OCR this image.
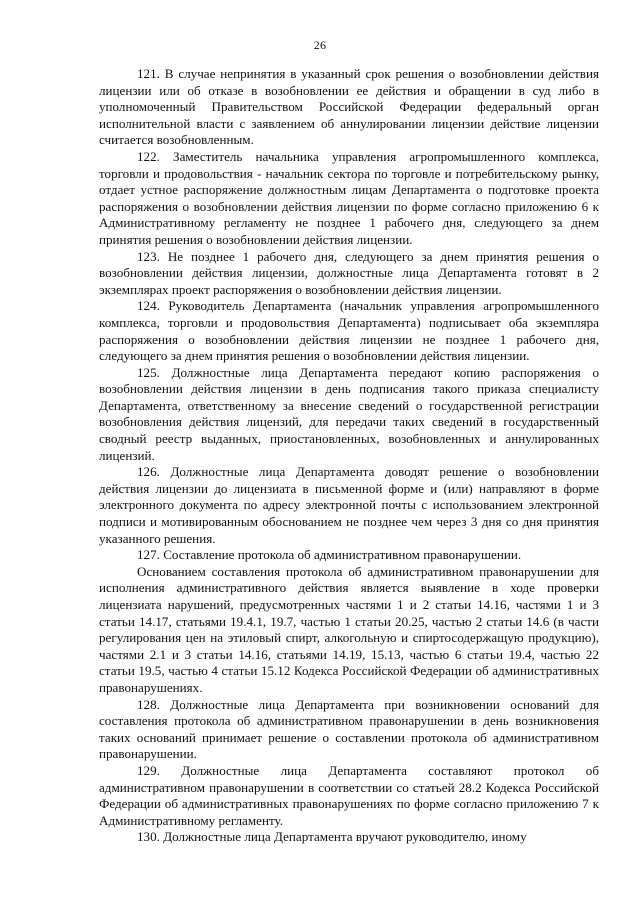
26

121. В случае непринятия в указанный срок решения о возобновлении действия лицензии или об отказе в возобновлении ее действия и обращении в суд либо в уполномоченный Правительством Российской Федерации федеральный орган исполнительной власти с заявлением об аннулировании лицензии действие лицензии считается возобновленным.

122. Заместитель начальника управления агропромышленного комплекса, торговли и продовольствия - начальник сектора по торговле и потребительскому рынку, отдает устное распоряжение должностным лицам Департамента о подготовке проекта распоряжения о возобновлении действия лицензии по форме согласно приложению 6 к Административному регламенту не позднее 1 рабочего дня, следующего за днем принятия решения о возобновлении действия лицензии.

123. Не позднее 1 рабочего дня, следующего за днем принятия решения о возобновлении действия лицензии, должностные лица Департамента готовят в 2 экземплярах проект распоряжения о возобновлении действия лицензии.

124. Руководитель Департамента (начальник управления агропромышленного комплекса, торговли и продовольствия Департамента) подписывает оба экземпляра распоряжения о возобновлении действия лицензии не позднее 1 рабочего дня, следующего за днем принятия решения о возобновлении действия лицензии.

125. Должностные лица Департамента передают копию распоряжения о возобновлении действия лицензии в день подписания такого приказа специалисту Департамента, ответственному за внесение сведений о государственной регистрации возобновления действия лицензий, для передачи таких сведений в государственный сводный реестр выданных, приостановленных, возобновленных и аннулированных лицензий.

126. Должностные лица Департамента доводят решение о возобновлении действия лицензии до лицензиата в письменной форме и (или) направляют в форме электронного документа по адресу электронной почты с использованием электронной подписи и мотивированным обоснованием не позднее чем через 3 дня со дня принятия указанного решения.

127. Составление протокола об административном правонарушении.

Основанием составления протокола об административном правонарушении для исполнения административного действия является выявление в ходе проверки лицензиата нарушений, предусмотренных частями 1 и 2 статьи 14.16, частями 1 и 3 статьи 14.17, статьями 19.4.1, 19.7, частью 1 статьи 20.25, частью 2 статьи 14.6 (в части регулирования цен на этиловый спирт, алкогольную и спиртосодержащую продукцию), частями 2.1 и 3 статьи 14.16, статьями 14.19, 15.13, частью 6 статьи 19.4, частью 22 статьи 19.5, частью 4 статьи 15.12 Кодекса Российской Федерации об административных правонарушениях.

128. Должностные лица Департамента при возникновении оснований для составления протокола об административном правонарушении в день возникновения таких оснований принимает решение о составлении протокола об административном правонарушении.

129. Должностные лица Департамента составляют протокол об административном правонарушении в соответствии со статьей 28.2 Кодекса Российской Федерации об административных правонарушениях по форме согласно приложению 7 к Административному регламенту.

130. Должностные лица Департамента вручают руководителю, иному
